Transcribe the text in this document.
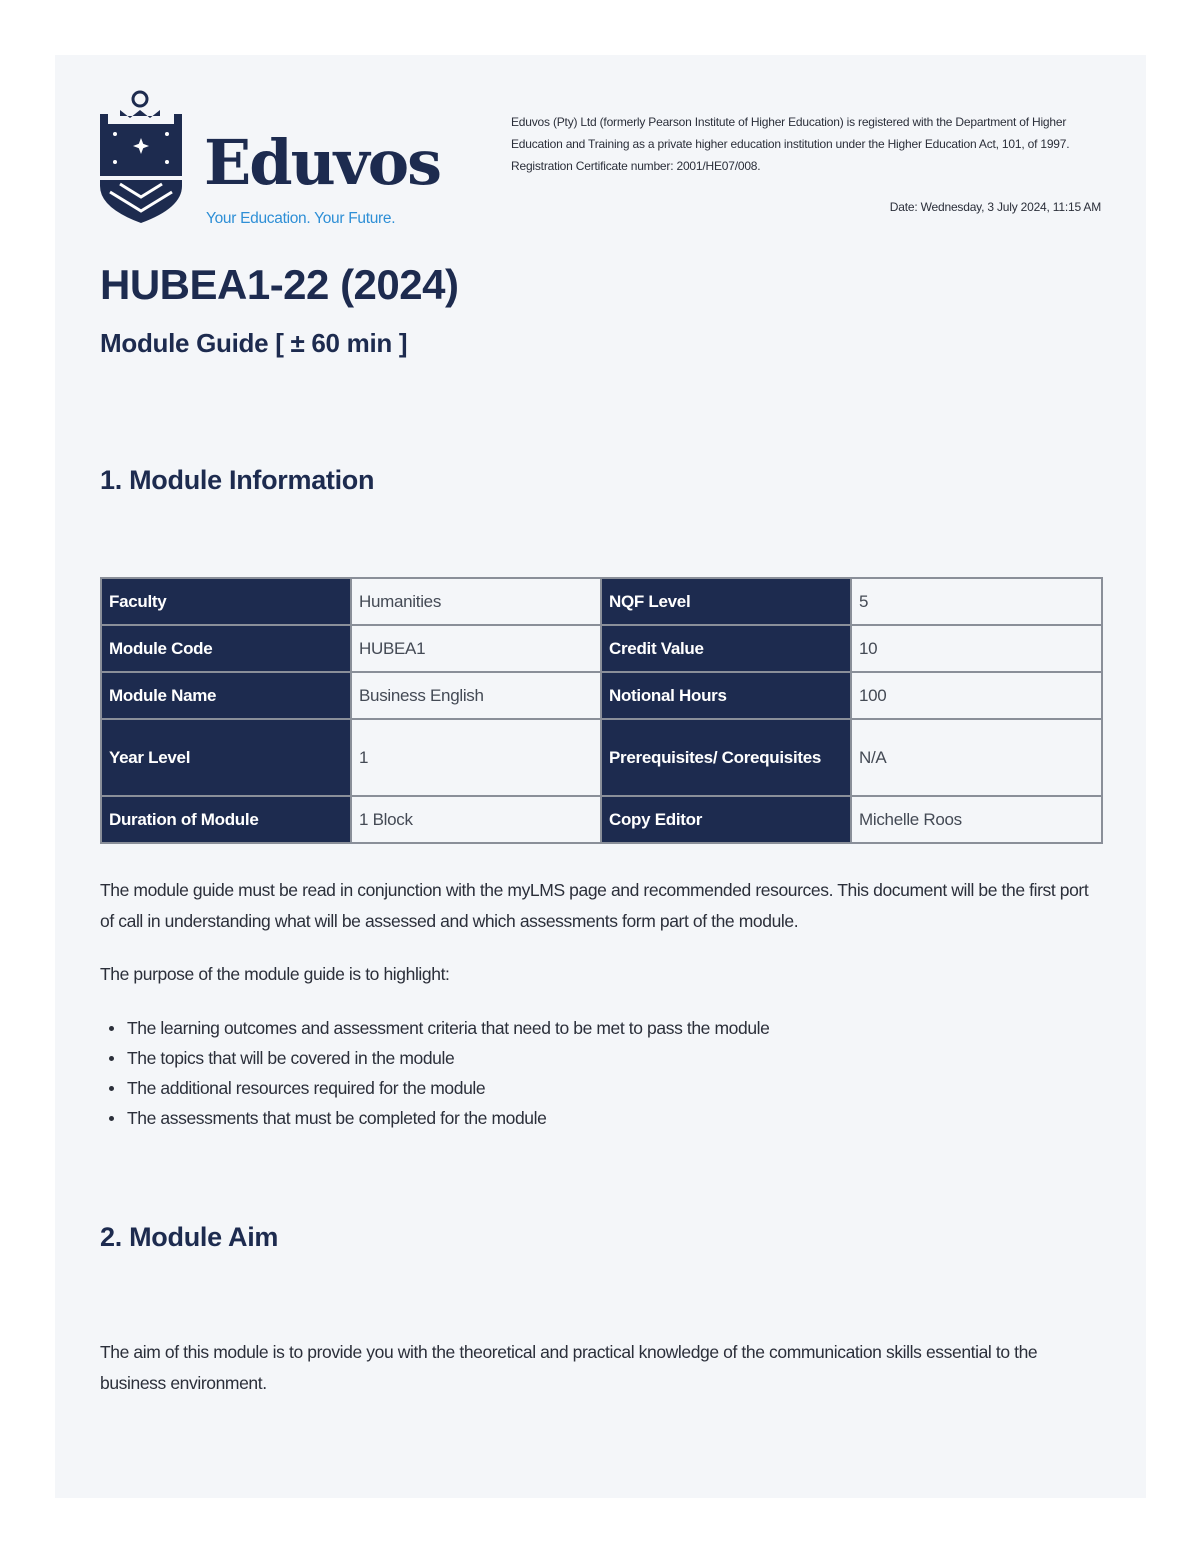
Eduvos
Your Education. Your Future.
Eduvos (Pty) Ltd (formerly Pearson Institute of Higher Education) is registered with the Department of Higher Education and Training as a private higher education institution under the Higher Education Act, 101, of 1997. Registration Certificate number: 2001/HE07/008.
Date: Wednesday, 3 July 2024, 11:15 AM
HUBEA1-22 (2024)
Module Guide [ ± 60 min ]
1. Module Information
Faculty	Humanities	NQF Level	5
Module Code	HUBEA1	Credit Value	10
Module Name	Business English	Notional Hours	100
Year Level	1	Prerequisites/ Corequisites	N/A
Duration of Module	1 Block	Copy Editor	Michelle Roos
The module guide must be read in conjunction with the myLMS page and recommended resources. This document will be the first port of call in understanding what will be assessed and which assessments form part of the module.
The purpose of the module guide is to highlight:
The learning outcomes and assessment criteria that need to be met to pass the module
The topics that will be covered in the module
The additional resources required for the module
The assessments that must be completed for the module
2. Module Aim
The aim of this module is to provide you with the theoretical and practical knowledge of the communication skills essential to the business environment.
